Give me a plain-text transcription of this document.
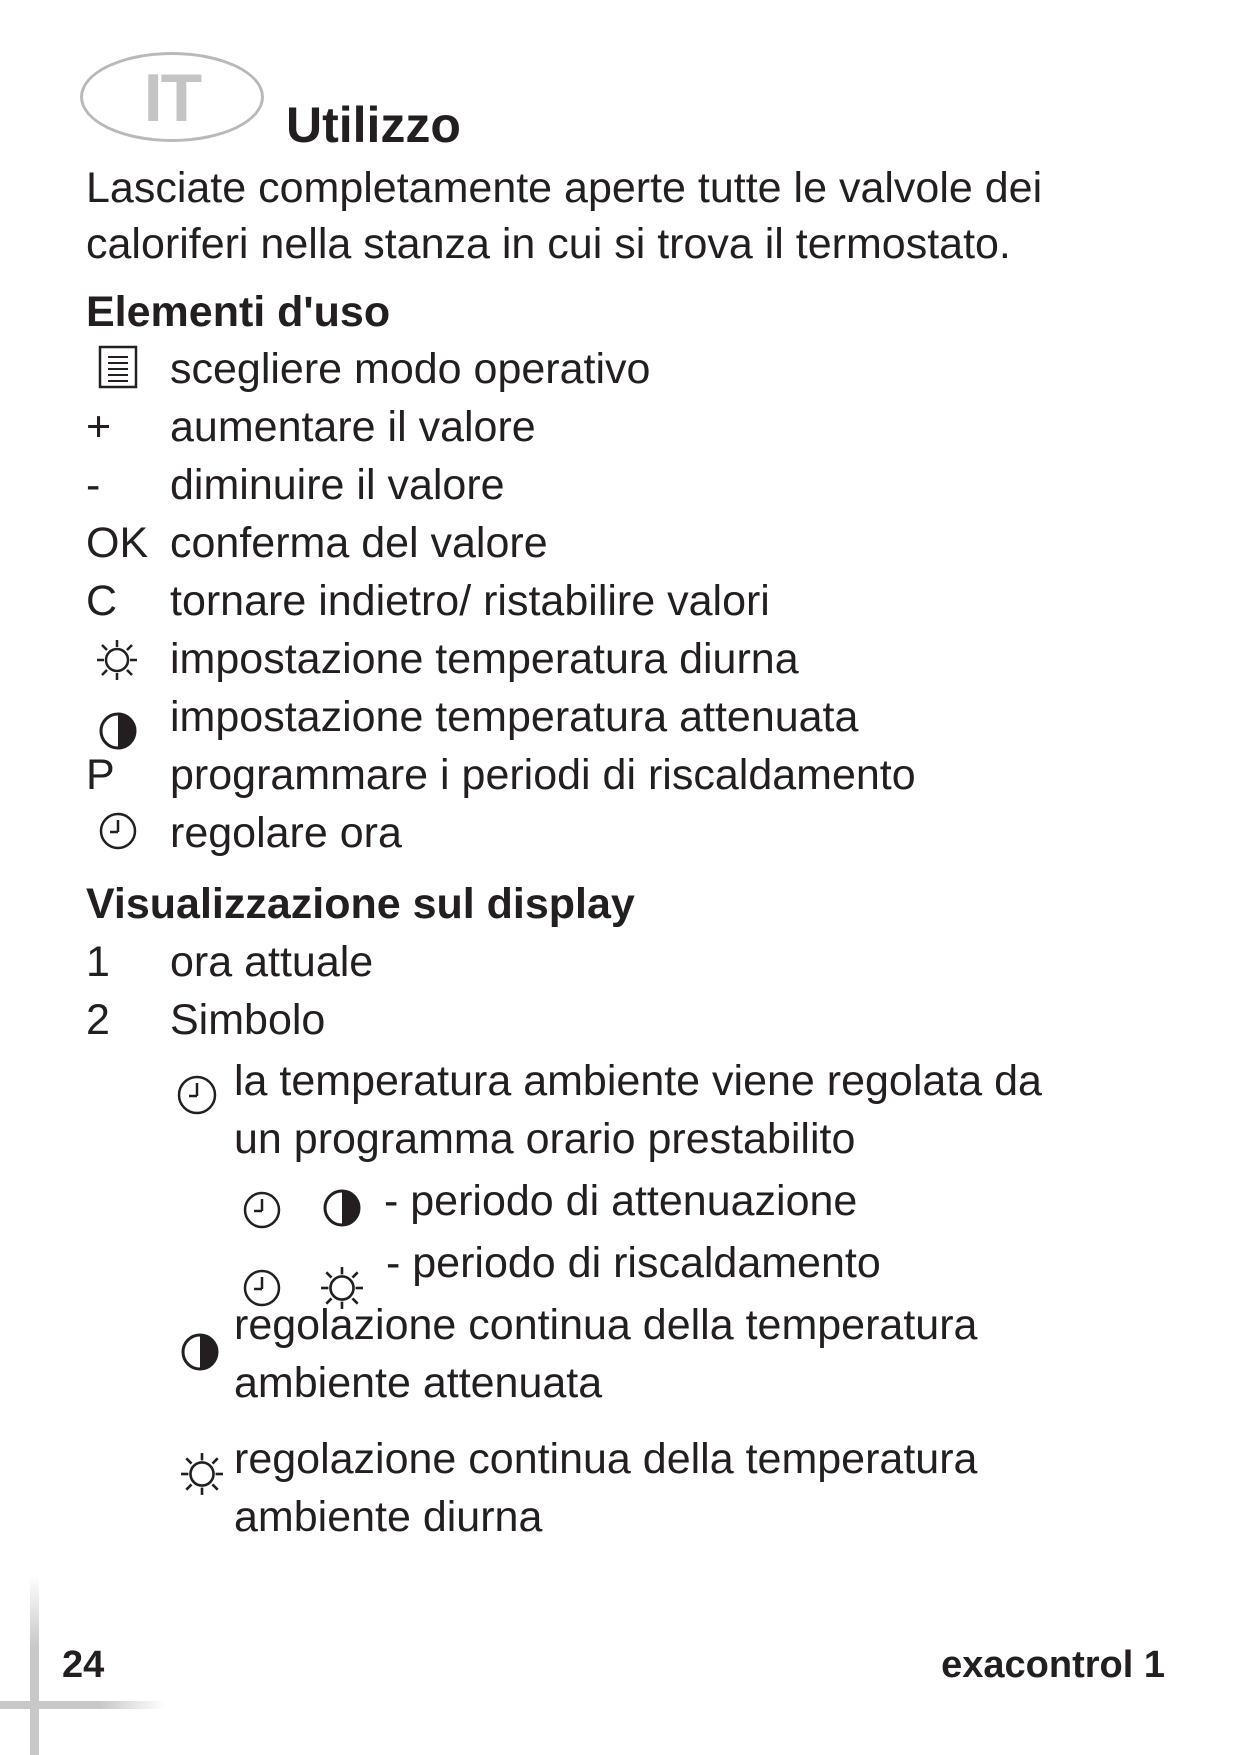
IT	Utilizzo

Lasciate completamente aperte tutte le valvole dei caloriferi nella stanza in cui si trova il termostato.

Elementi d'uso
scegliere modo operativo
+	aumentare il valore
-	diminuire il valore
OK conferma del valore
C	tornare indietro/ ristabilire valori
impostazione temperatura diurna
impostazione temperatura attenuata
P	programmare i periodi di riscaldamento
regolare ora
Visualizzazione sul display
1	ora attuale
2	Simbolo
la temperatura ambiente viene regolata da
un programma orario prestabilito
- periodo di attenuazione
- periodo di riscaldamento
regolazione continua della temperatura
ambiente attenuata
regolazione continua della temperatura
ambiente diurna
24	exacontrol 1
